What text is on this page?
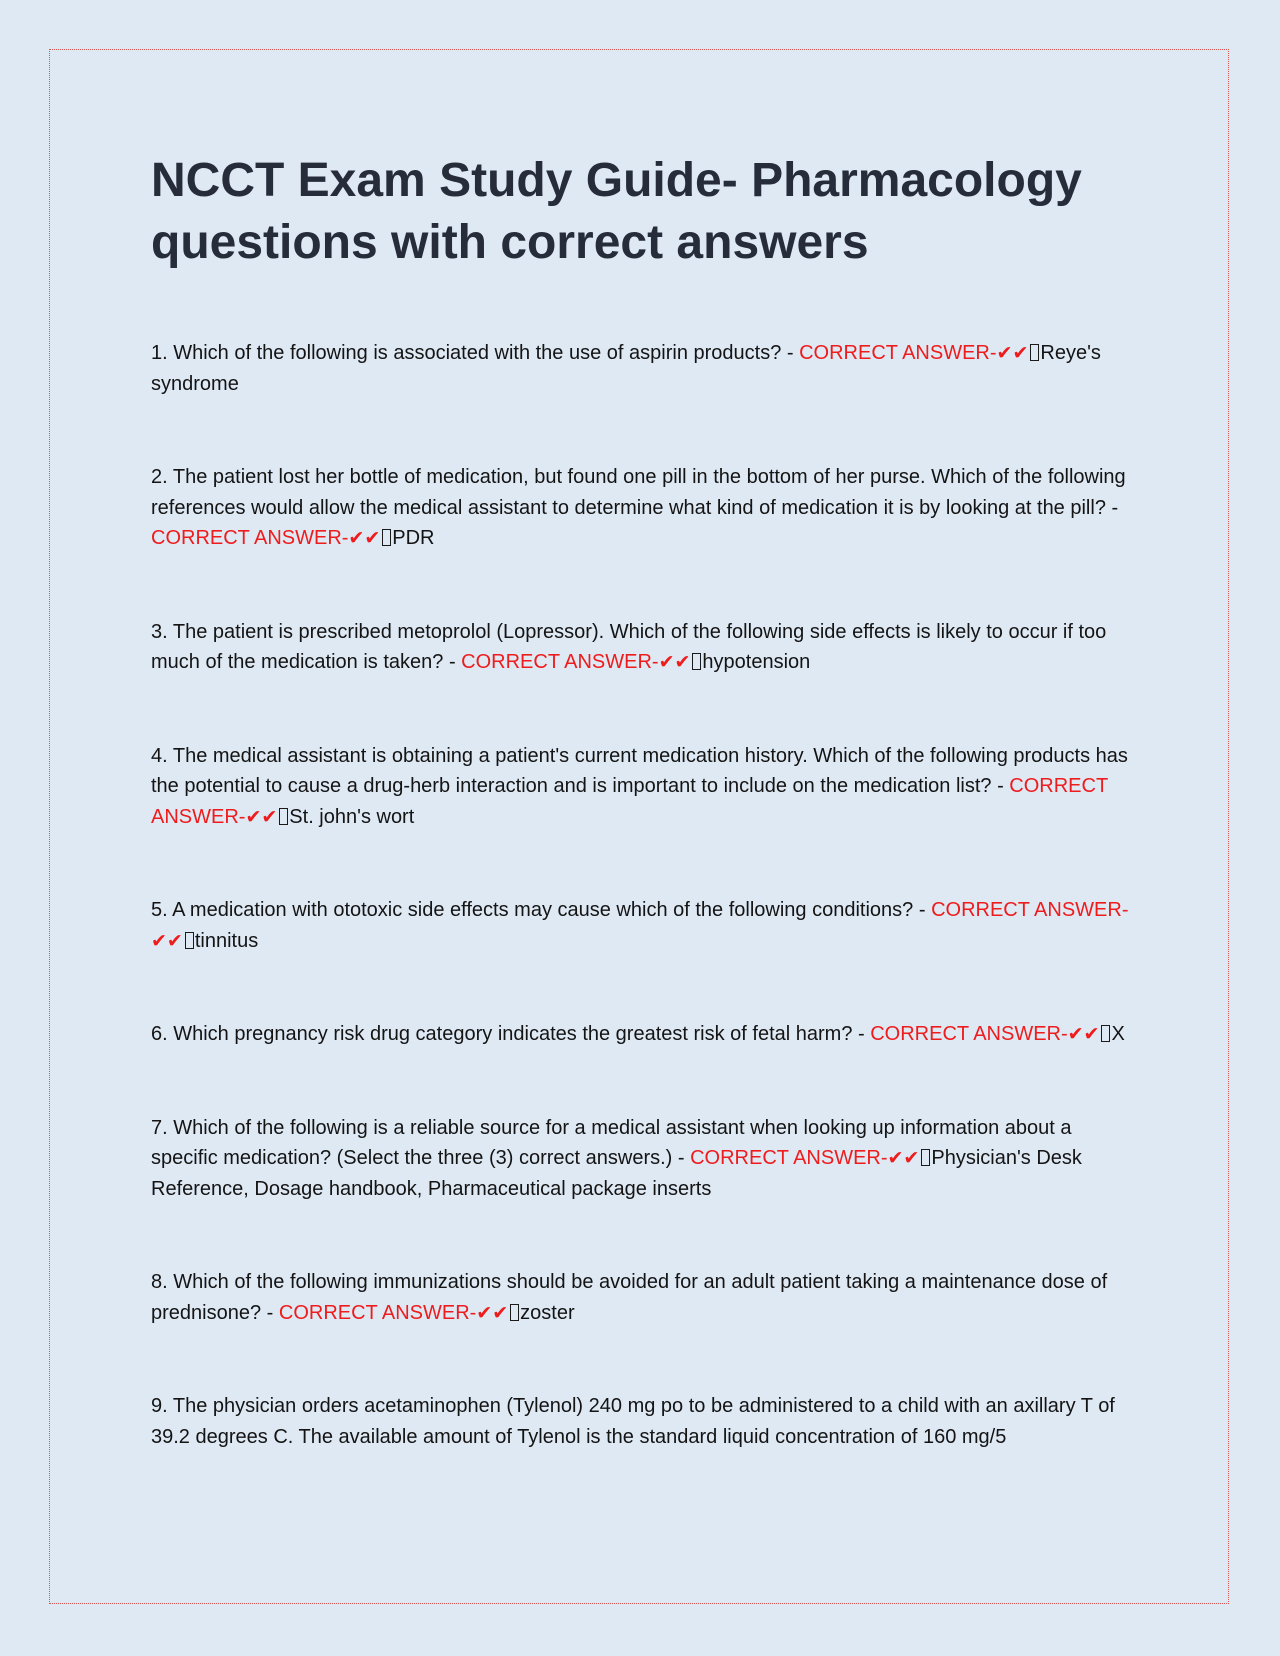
NCCT Exam Study Guide- Pharmacology questions with correct answers
1. Which of the following is associated with the use of aspirin products? - CORRECT ANSWER-✔✔ Reye's syndrome
2. The patient lost her bottle of medication, but found one pill in the bottom of her purse. Which of the following references would allow the medical assistant to determine what kind of medication it is by looking at the pill? - CORRECT ANSWER-✔✔ PDR
3. The patient is prescribed metoprolol (Lopressor). Which of the following side effects is likely to occur if too much of the medication is taken? - CORRECT ANSWER-✔✔ hypotension
4. The medical assistant is obtaining a patient's current medication history. Which of the following products has the potential to cause a drug-herb interaction and is important to include on the medication list? - CORRECT ANSWER-✔✔ St. john's wort
5. A medication with ototoxic side effects may cause which of the following conditions? - CORRECT ANSWER-✔✔ tinnitus
6. Which pregnancy risk drug category indicates the greatest risk of fetal harm? - CORRECT ANSWER-✔✔ X
7. Which of the following is a reliable source for a medical assistant when looking up information about a specific medication? (Select the three (3) correct answers.) - CORRECT ANSWER-✔✔ Physician's Desk Reference, Dosage handbook, Pharmaceutical package inserts
8. Which of the following immunizations should be avoided for an adult patient taking a maintenance dose of prednisone? - CORRECT ANSWER-✔✔ zoster
9. The physician orders acetaminophen (Tylenol) 240 mg po to be administered to a child with an axillary T of 39.2 degrees C. The available amount of Tylenol is the standard liquid concentration of 160 mg/5
